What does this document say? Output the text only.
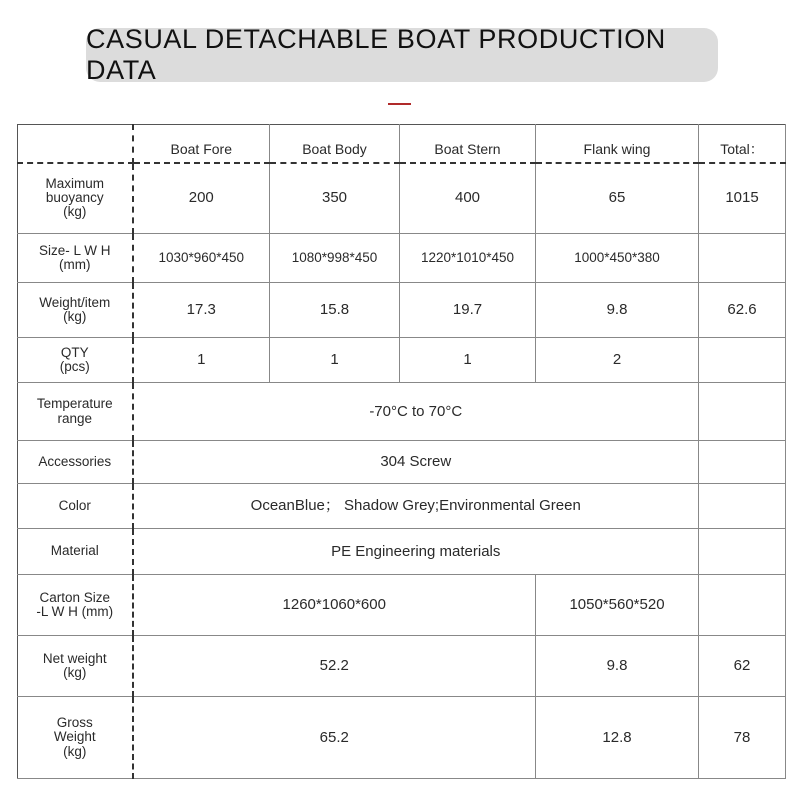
CASUAL DETACHABLE BOAT PRODUCTION DATA
	Boat Fore	Boat Body	Boat Stern	Flank wing	Total：

Maximum
buoyancy
(kg)	200	350	400	65	1015

Size- L W H
(mm)	1030*960*450	1080*998*450	1220*1010*450	1000*450*380	

Weight/item
(kg)	17.3	15.8	19.7	9.8	62.6

QTY
(pcs)	1	1	1	2	

Temperature
range	-70°C to 70°C				
Accessories	304 Screw				
Color	OceanBlue； Shadow Grey;Environmental Green				
Material	PE Engineering materials				

Carton Size
-L W H (mm)	1260*1060*600			1050*560*520	

Net weight
(kg)	52.2			9.8	62

Gross
Weight
(kg)	65.2			12.8	78
